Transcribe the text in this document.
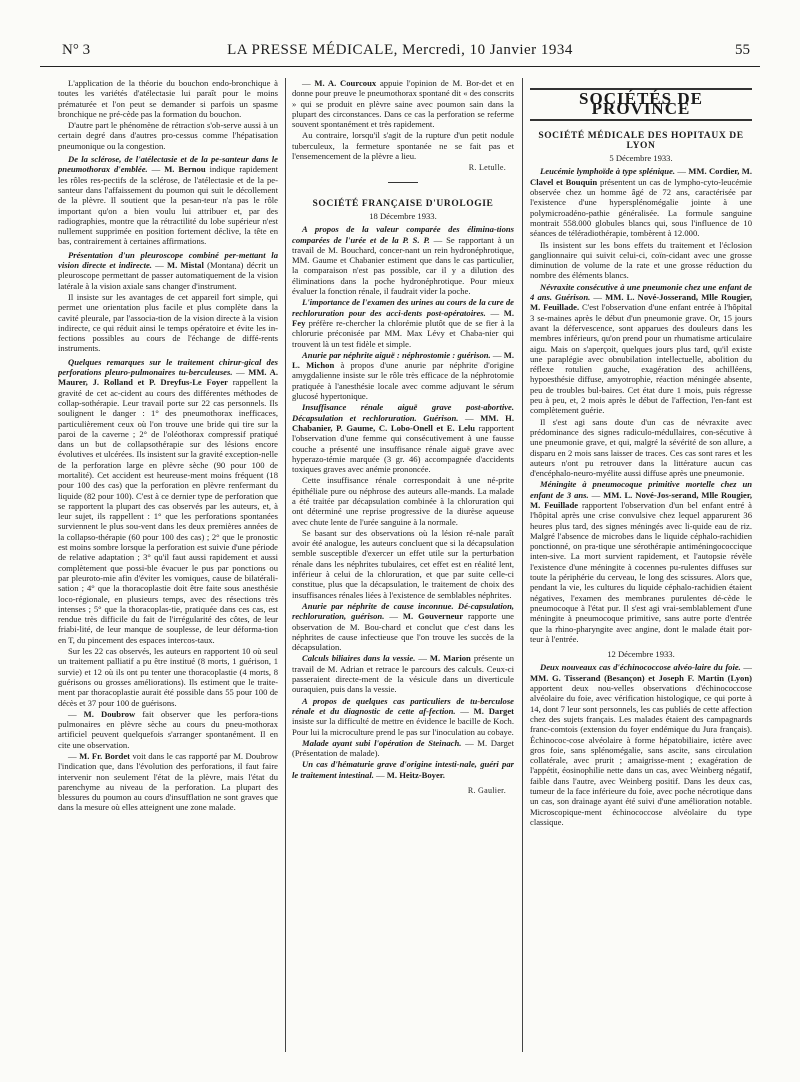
N° 3	LA PRESSE MÉDICALE, Mercredi, 10 Janvier 1934	55

L'application de la théorie du bouchon endo-bronchique à toutes les variétés d'atélectasie lui paraît pour le moins prématurée et l'on peut se demander si parfois un spasme bronchique ne pré-cède pas la formation du bouchon.

D'autre part le phénomène de rétraction s'ob-serve aussi à un certain degré dans d'autres pro-cessus comme l'hépatisation pneumonique ou la congestion.

De la sclérose, de l'atélectasie et de la pe-santeur dans le pneumothorax d'emblée. — M. Bernou indique rapidement les rôles res-pectifs de la sclérose, de l'atélectasie et de la pe-santeur dans l'affaissement du poumon qui suit le décollement de la plèvre. Il soutient que la pesan-teur n'a pas le rôle important qu'on a bien voulu lui attribuer et, par des radiographies, montre que la rétractilité du lobe supérieur n'est nullement supprimée en position fortement déclive, la tête en bas, contrairement à certaines affirmations.

Présentation d'un pleuroscope combiné per-mettant la vision directe et indirecte. — M. Mistal (Montana) décrit un pleuroscope permettant de passer automatiquement de la vision latérale à la vision axiale sans changer d'instrument.

Il insiste sur les avantages de cet appareil fort simple, qui permet une orientation plus facile et plus complète dans la cavité pleurale, par l'associa-tion de la vision directe à la vision indirecte, ce qui réduit ainsi le temps opératoire et évite les in-fections possibles au cours de l'échange de diffé-rents instruments.

Quelques remarques sur le traitement chirur-gical des perforations pleuro-pulmonaires tu-berculeuses. — MM. A. Maurer, J. Rolland et P. Dreyfus-Le Foyer rappellent la gravité de cet ac-cident au cours des différentes méthodes de collap-sothérapie. Leur travail porte sur 22 cas personnels. Ils soulignent le danger : 1° des pneumothorax inefficaces, particulièrement ceux où l'on trouve une bride qui tire sur la paroi de la caverne ; 2° de l'oléothorax compressif pratiqué dans un but de collapsothérapie sur des lésions encore évolutives et ulcérées. Ils insistent sur la gravité exception-nelle de la perforation large en plèvre sèche (90 pour 100 de mortalité). Cet accident est heureuse-ment moins fréquent (18 pour 100 des cas) que la perforation en plèvre renfermant du liquide (82 pour 100). C'est à ce dernier type de perforation que se rapportent la plupart des cas observés par les auteurs, et, à leur sujet, ils rappellent : 1° que les perforations spontanées surviennent le plus sou-vent dans les deux premières années de la collapso-thérapie (60 pour 100 des cas) ; 2° que le pronostic est moins sombre lorsque la perforation est suivie d'une période de relative adaptation ; 3° qu'il faut aussi rapidement et aussi complètement que possi-ble évacuer le pus par ponctions ou par pleuroto-mie afin d'éviter les vomiques, cause de bilatérali-sation ; 4° que la thoracoplastie doit être faite sous anesthésie loco-régionale, en plusieurs temps, avec des résections très intenses ; 5° que la thoracoplas-tie, pratiquée dans ces cas, est rendue très difficile du fait de l'irrégularité des côtes, de leur friabi-lité, de leur manque de souplesse, de leur déforma-tion en T, du pincement des espaces intercos-taux.

Sur les 22 cas observés, les auteurs en rapportent 10 où seul un traitement palliatif a pu être institué (8 morts, 1 guérison, 1 survie) et 12 où ils ont pu tenter une thoracoplastie (4 morts, 8 guérisons ou grosses améliorations). Ils estiment que le traite-ment par thoracoplastie aurait été possible dans 55 pour 100 de décès et 37 pour 100 de guérisons.

— M. Doubrow fait observer que les perfora-tions pulmonaires en plèvre sèche au cours du pneu-mothorax artificiel peuvent quelquefois s'arranger spontanément. Il en cite une observation.

— M. Fr. Bordet voit dans le cas rapporté par M. Doubrow l'indication que, dans l'évolution des perforations, il faut faire intervenir non seulement l'état de la plèvre, mais l'état du parenchyme au niveau de la perforation. La plupart des blessures du poumon au cours d'insufflation ne sont graves que dans la mesure où elles atteignent une zone malade.

— M. A. Courcoux appuie l'opinion de M. Bor-det et en donne pour preuve le pneumothorax spontané dit « des conscrits » qui se produit en plèvre saine avec poumon sain dans la plupart des circonstances. Dans ce cas la perforation se referme souvent spontanément et très rapidement.

Au contraire, lorsqu'il s'agit de la rupture d'un petit nodule tuberculeux, la fermeture spontanée ne se fait pas et l'ensemencement de la plèvre a lieu.

R. Letulle.
SOCIÉTÉ FRANÇAISE D'UROLOGIE
18 Décembre 1933.

A propos de la valeur comparée des élimina-tions comparées de l'urée et de la P. S. P. — Se rapportant à un travail de M. Bouchard, concer-nant un rein hydronéphrotique, MM. Gaume et Chabanier estiment que dans le cas particulier, la comparaison n'est pas possible, car il y a dilution des éliminations dans la poche hydronéphrotique. Pour mieux évaluer la fonction rénale, il faudrait vider la poche.

L'importance de l'examen des urines au cours de la cure de rechloruration pour des acci-dents post-opératoires. — M. Fey préfère re-chercher la chlorémie plutôt que de se fier à la chlorurie préconisée par MM. Max Lévy et Chaba-nier qui trouvent là un test fidèle et simple.

Anurie par néphrite aiguë : néphrostomie : guérison. — M. L. Michon à propos d'une anurie par néphrite d'origine amygdalienne insiste sur le rôle très efficace de la néphrotomie pratiquée à l'anesthésie locale avec comme adjuvant le sérum glucosé hypertonique.

Insuffisance rénale aiguë grave post-abortive. Décapsulation et rechloruration. Guérison. — MM. H. Chabanier, P. Gaume, C. Lobo-Onell et E. Lelu rapportent l'observation d'une femme qui consécutivement à une fausse couche a présenté une insuffisance rénale aiguë grave avec hyperazo-témie marquée (3 gr. 46) accompagnée d'accidents toxiques graves avec anémie prononcée.

Cette insuffisance rénale correspondait à une né-prite épithéliale pure ou néphrose des auteurs alle-mands. La malade a été traitée par décapsulation combinée à la chloruration qui ont déterminé une reprise progressive de la diurèse aqueuse avec chute lente de l'urée sanguine à la normale.

Se basant sur des observations où la lésion ré-nale paraît avoir été analogue, les auteurs concluent que si la décapsulation semble susceptible d'exercer un effet utile sur la perturbation rénale dans les néphrites tubulaires, cet effet est en réalité lent, inférieur à celui de la chloruration, et que par suite celle-ci constitue, plus que la décapsulation, le traitement de choix des insuffisances rénales liées à l'existence de semblables néphrites.

Anurie par néphrite de cause inconnue. Dé-capsulation, rechloruration, guérison. — M. Gouverneur rapporte une observation de M. Bou-chard et conclut que c'est dans les néphrites de cause infectieuse que l'on trouve les succès de la décapsulation.

Calculs biliaires dans la vessie. — M. Marion présente un travail de M. Adrian et retrace le parcours des calculs. Ceux-ci passeraient directe-ment de la vésicule dans un diverticule ouraquien, puis dans la vessie.

A propos de quelques cas particuliers de tu-berculose rénale et du diagnostic de cette af-fection. — M. Darget insiste sur la difficulté de mettre en évidence le bacille de Koch. Pour lui la microculture prend le pas sur l'inoculation au cobaye.

Malade ayant subi l'opération de Steinach. — M. Darget (Présentation de malade).

Un cas d'hématurie grave d'origine intesti-nale, guéri par le traitement intestinal. — M. Heitz-Boyer.

R. Gaulier.
SOCIÉTÉS DE PROVINCE
SOCIÉTÉ MÉDICALE DES HOPITAUX DE LYON
5 Décembre 1933.

Leucémie lymphoïde à type splénique. — MM. Cordier, M. Clavel et Bouquin présentent un cas de lympho-cyto-leucémie observée chez un homme âgé de 72 ans, caractérisée par l'existence d'une hypersplénomégalie jointe à une polymicroadéno-pathie généralisée. La formule sanguine montrait 558.000 globules blancs qui, sous l'influence de 10 séances de téléradiothérapie, tombèrent à 12.000.

Ils insistent sur les bons effets du traitement et l'éclosion ganglionnaire qui suivit celui-ci, coïn-cidant avec une grosse diminution de volume de la rate et une grosse réduction du nombre des éléments blancs.

Névraxite consécutive à une pneumonie chez une enfant de 4 ans. Guérison. — MM. L. Nové-Josserand, Mlle Rougier, M. Feuillade. C'est l'observation d'une enfant entrée à l'hôpital 3 se-maines après le début d'un pneumonie grave. Or, 15 jours avant la défervescence, sont apparues des douleurs dans les membres inférieurs, qu'on prend pour un rhumatisme articulaire aigu. Mais on s'aperçoit, quelques jours plus tard, qu'il existe une paraplégie avec obnubilation intellectuelle, abolition du réflexe rotulien gauche, exagération des achilléens, hypoesthésie diffuse, amyotrophie, réaction méningée absente, peu de troubles bul-baires. Cet état dure 1 mois, puis régresse peu à peu, et, 2 mois après le début de l'affection, l'en-fant est complètement guérie.

Il s'est agi sans doute d'un cas de névraxite avec prédominance des signes radiculo-médullaires, con-sécutive à une pneumonie grave, et qui, malgré la sévérité de son allure, a disparu en 2 mois sans laisser de traces. Ces cas sont rares et les auteurs n'ont pu retrouver dans la littérature aucun cas d'encéphalo-neuro-myélite aussi diffuse après une pneumonie.

Méningite à pneumocoque primitive mortelle chez un enfant de 3 ans. — MM. L. Nové-Jos-serand, Mlle Rougier, M. Feuillade rapportent l'observation d'un bel enfant entré à l'hôpital après une crise convulsive chez lequel apparurent 36 heures plus tard, des signes méningés avec li-quide eau de riz. Malgré l'absence de microbes dans le liquide céphalo-rachidien ponctionné, on pra-tique une sérothérapie antiméningococcique inten-sive. La mort survient rapidement, et l'autopsie révèle l'existence d'une méningite à cocennes pu-rulentes diffuses sur toute la périphérie du cerveau, le long des scissures. Alors que, pendant la vie, les cultures du liquide céphalo-rachidien étaient négatives, l'examen des membranes purulentes dé-cède le pneumocoque à l'état pur. Il s'est agi vrai-semblablement d'une méningite à pneumocoque primitive, sans autre porte d'entrée que la rhino-pharyngite avec angine, dont le malade était por-teur à l'entrée.

12 Décembre 1933.

Deux nouveaux cas d'échinococcose alvéo-laire du foie. — MM. G. Tisserand (Besançon) et Joseph F. Martin (Lyon) apportent deux nou-velles observations d'échinococcose alvéolaire du foie, avec vérification histologique, ce qui porte à 14, dont 7 leur sont personnels, les cas publiés de cette affection chez des sujets français. Les malades étaient des campagnards franc-comtois (extension du foyer endémique du Jura français). Échinococ-cose alvéolaire à forme hépatobiliaire, ictère avec gros foie, sans splénomégalie, sans ascite, sans circulation collatérale, avec prurit ; amaigrisse-ment ; exagération de l'appétit, éosinophilie nette dans un cas, avec Weinberg négatif, faible dans l'autre, avec Weinberg positif. Dans les deux cas, tumeur de la face inférieure du foie, avec poche nécrotique dans un cas, son drainage ayant été suivi d'une amélioration notable. Microscopique-ment échinococcose alvéolaire du type classique.
